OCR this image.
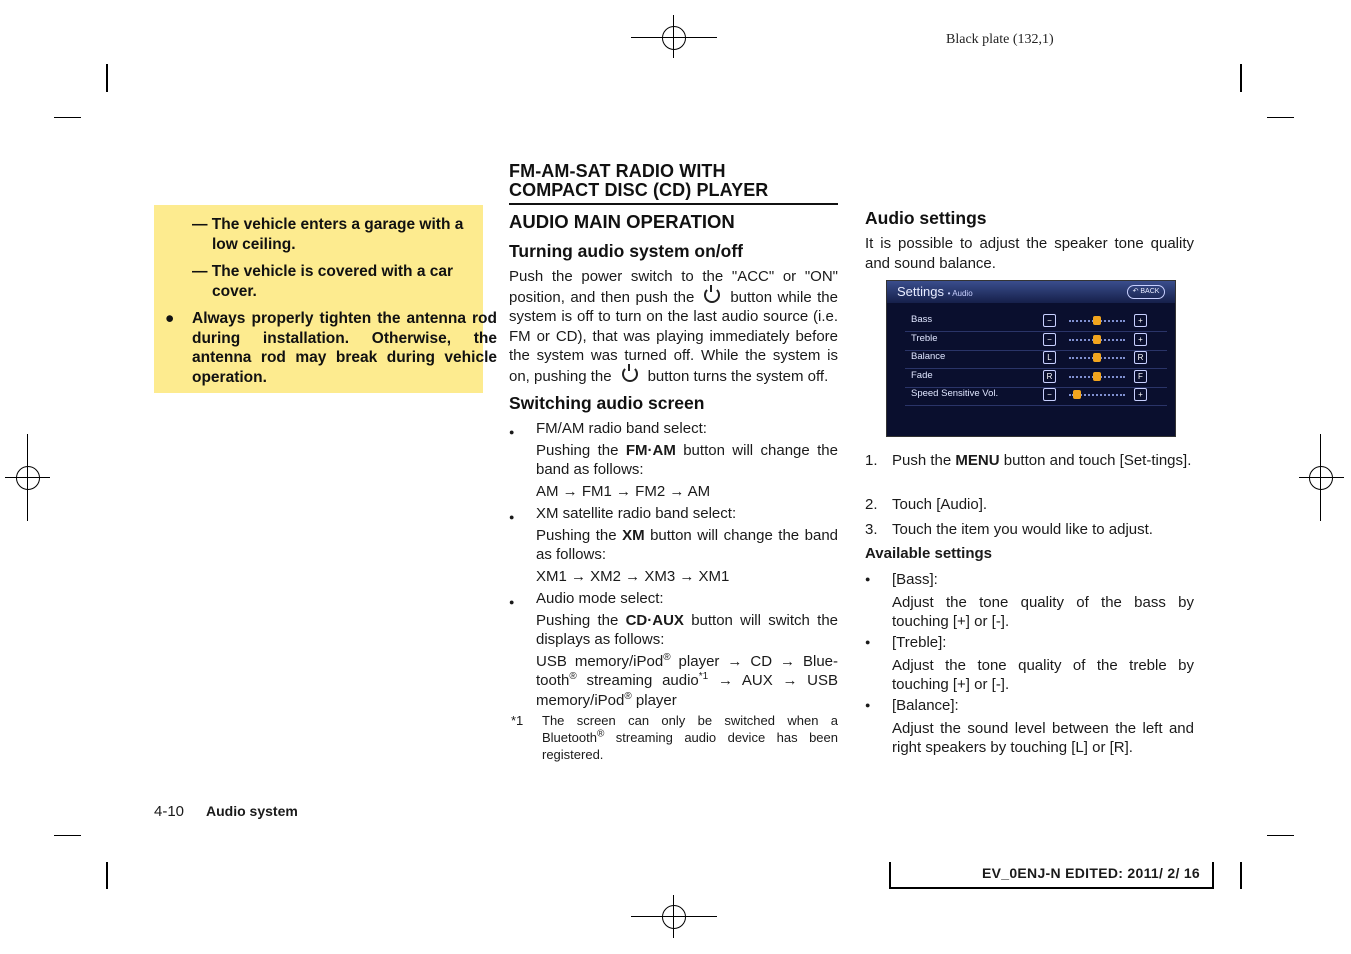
Black plate (132,1)
— The vehicle enters a garage with a low ceiling.
— The vehicle is covered with a car cover.
● Always properly tighten the antenna rod during installation. Otherwise, the antenna rod may break during vehicle operation.
FM-AM-SAT RADIO WITH
COMPACT DISC (CD) PLAYER
AUDIO MAIN OPERATION
Turning audio system on/off
Push the power switch to the "ACC" or "ON" position, and then push the button while the system is off to turn on the last audio source (i.e. FM or CD), that was playing immediately before the system was turned off. While the system is on, pushing the button turns the system off.
Switching audio screen
●	FM/AM radio band select:
Pushing the FM·AM button will change the band as follows:
AM → FM1 → FM2 → AM
●	XM satellite radio band select:
Pushing the XM button will change the band as follows:
XM1 → XM2 → XM3 → XM1
●	Audio mode select:
Pushing the CD·AUX button will switch the displays as follows:
USB memory/iPod® player → CD → Blue-tooth® streaming audio$^{*1}$ → AUX → USB memory/iPod® player
*1	The screen can only be switched when a Bluetooth® streaming audio device has been registered.
Audio settings
It is possible to adjust the speaker tone quality and sound balance.
Settings • Audio	↶ BACK
Bass	−	+
Treble	−	+
Balance	L	R
Fade	R	F
Speed Sensitive Vol.	−	+
1. Push the MENU button and touch [Set-tings].
2. Touch [Audio].
3. Touch the item you would like to adjust.
Available settings
● [Bass]:
Adjust the tone quality of the bass by touching [+] or [-].
● [Treble]:
Adjust the tone quality of the treble by touching [+] or [-].
● [Balance]:
Adjust the sound level between the left and right speakers by touching [L] or [R].
4-10 Audio system
EV_0ENJ-N EDITED: 2011/ 2/ 16
